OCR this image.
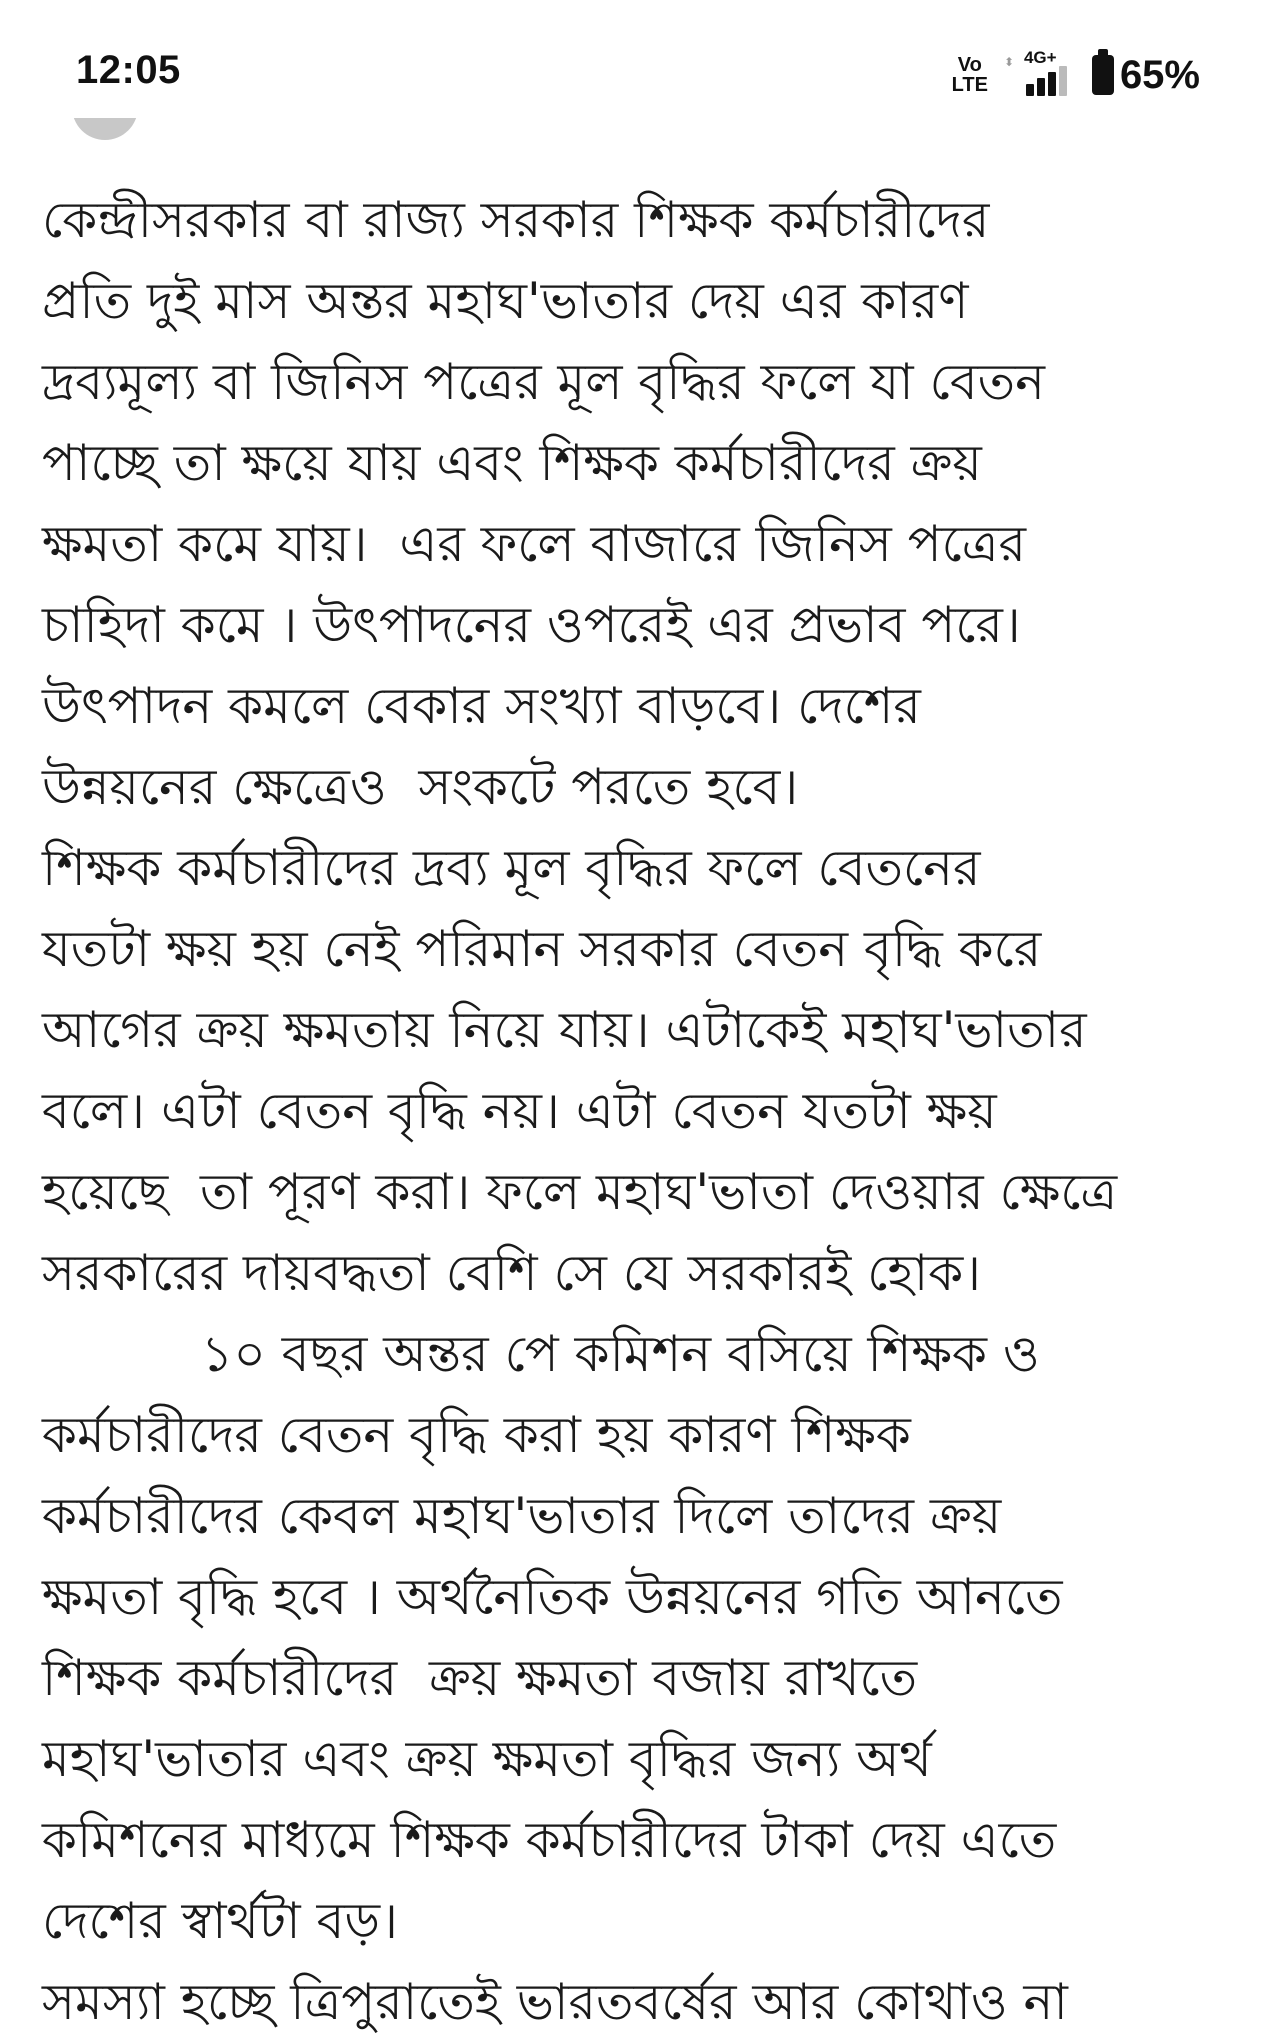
12:05	Vo
LTE
⬍ 4G+ 65%
কেন্দ্রীসরকার বা রাজ্য সরকার শিক্ষক কর্মচারীদের
প্রতি দুই মাস অন্তর মহাঘ'ভাতার দেয় এর কারণ
দ্রব্যমূল্য বা জিনিস পত্রের মূল বৃদ্ধির ফলে যা বেতন
পাচ্ছে তা ক্ষয়ে যায় এবং শিক্ষক কর্মচারীদের ক্রয়
ক্ষমতা কমে যায়।  এর ফলে বাজারে জিনিস পত্রের
চাহিদা কমে । উৎপাদনের ওপরেই এর প্রভাব পরে।
উৎপাদন কমলে বেকার সংখ্যা বাড়বে। দেশের
উন্নয়নের ক্ষেত্রেও  সংকটে পরতে হবে।
শিক্ষক কর্মচারীদের দ্রব্য মূল বৃদ্ধির ফলে বেতনের
যতটা ক্ষয় হয় নেই পরিমান সরকার বেতন বৃদ্ধি করে
আগের ক্রয় ক্ষমতায় নিয়ে যায়। এটাকেই মহাঘ'ভাতার
বলে। এটা বেতন বৃদ্ধি নয়। এটা বেতন যতটা ক্ষয়
হয়েছে  তা পূরণ করা। ফলে মহাঘ'ভাতা দেওয়ার ক্ষেত্রে
সরকারের দায়বদ্ধতা বেশি সে যে সরকারই হোক।
১০ বছর অন্তর পে কমিশন বসিয়ে শিক্ষক ও
কর্মচারীদের বেতন বৃদ্ধি করা হয় কারণ শিক্ষক
কর্মচারীদের কেবল মহাঘ'ভাতার দিলে তাদের ক্রয়
ক্ষমতা বৃদ্ধি হবে । অর্থনৈতিক উন্নয়নের গতি আনতে
শিক্ষক কর্মচারীদের  ক্রয় ক্ষমতা বজায় রাখতে
মহাঘ'ভাতার এবং ক্রয় ক্ষমতা বৃদ্ধির জন্য অর্থ
কমিশনের মাধ্যমে শিক্ষক কর্মচারীদের টাকা দেয় এতে
দেশের স্বার্থটা বড়।
সমস্যা হচ্ছে ত্রিপুরাতেই ভারতবর্ষের আর কোথাও না
